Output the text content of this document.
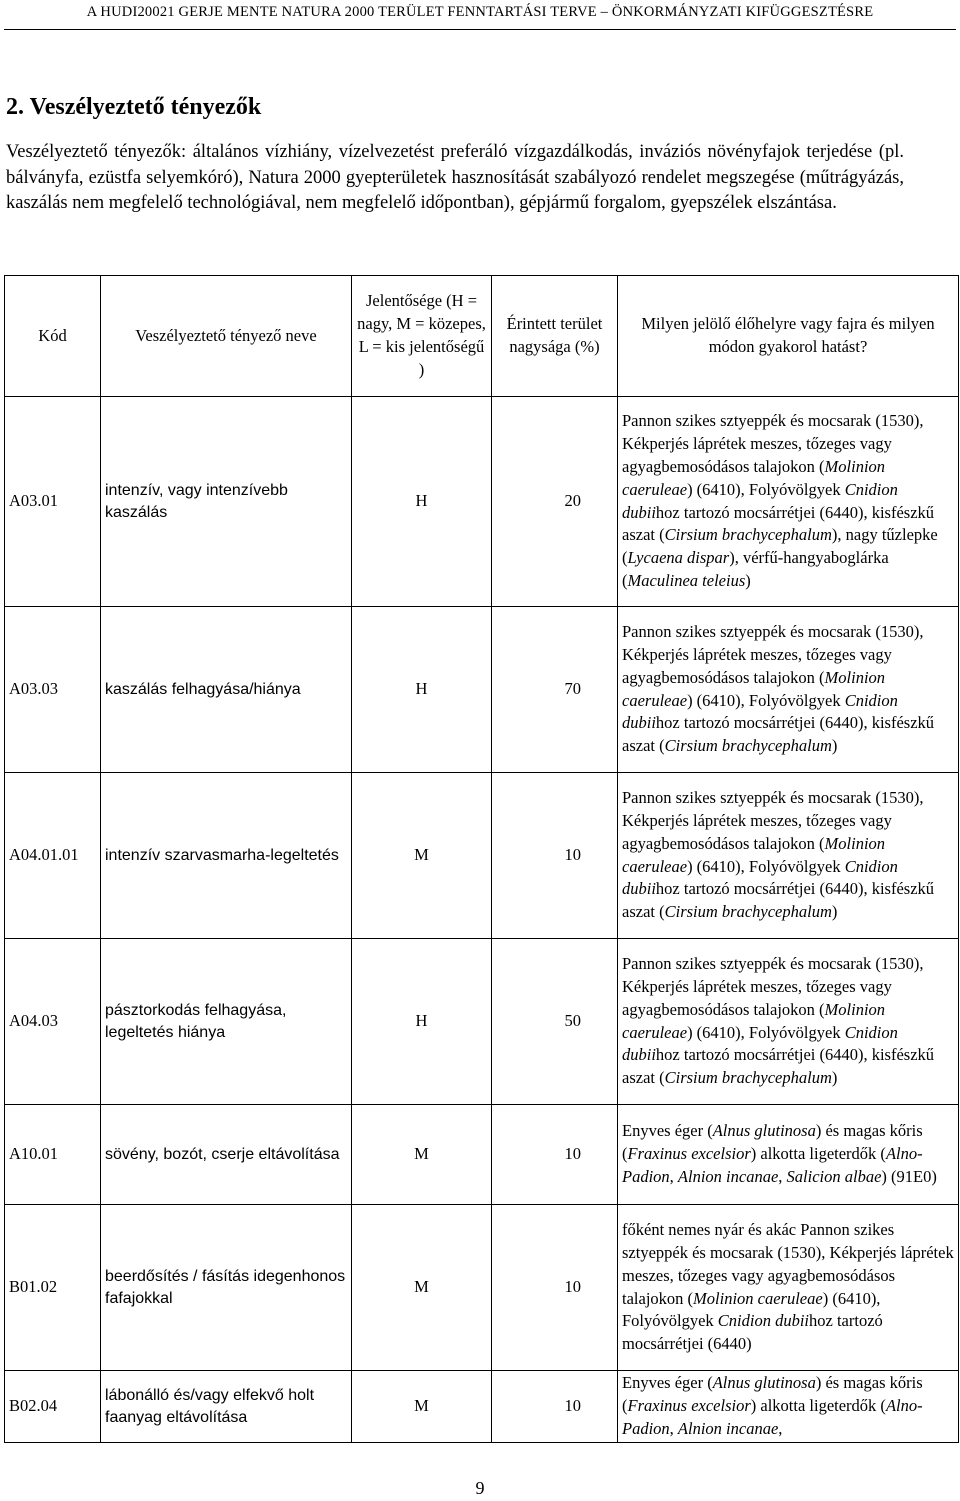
A HUDI20021 GERJE MENTE NATURA 2000 TERÜLET FENNTARTÁSI TERVE – ÖNKORMÁNYZATI KIFÜGGESZTÉSRE
2. Veszélyeztető tényezők

Veszélyeztető tényezők: általános vízhiány, vízelvezetést preferáló vízgazdálkodás, inváziós növényfajok terjedése (pl. bálványfa, ezüstfa selyemkóró), Natura 2000 gyepterületek hasznosítását szabályozó rendelet megszegése (műtrágyázás, kaszálás nem megfelelő technológiával, nem megfelelő időpontban), gépjármű forgalom, gyepszélek elszántása.

Kód	Veszélyeztető tényező neve	Jelentősége (H = nagy, M = közepes, L = kis jelentőségű )	Érintett terület nagysága (%)	Milyen jelölő élőhelyre vagy fajra és milyen módon gyakorol hatást?
A03.01	intenzív, vagy intenzívebb kaszálás	H	20	Pannon szikes sztyeppék és mocsarak (1530), Kékperjés láprétek meszes, tőzeges vagy agyagbemosódásos talajokon (Molinion caeruleae) (6410), Folyóvölgyek Cnidion dubiihoz tartozó mocsárrétjei (6440), kisfészkű aszat (Cirsium brachycephalum), nagy tűzlepke (Lycaena dispar), vérfű-hangyaboglárka (Maculinea teleius)
A03.03	kaszálás felhagyása/hiánya	H	70	Pannon szikes sztyeppék és mocsarak (1530), Kékperjés láprétek meszes, tőzeges vagy agyagbemosódásos talajokon (Molinion caeruleae) (6410), Folyóvölgyek Cnidion dubiihoz tartozó mocsárrétjei (6440), kisfészkű aszat (Cirsium brachycephalum)
A04.01.01	intenzív szarvasmarha-legeltetés	M	10	Pannon szikes sztyeppék és mocsarak (1530), Kékperjés láprétek meszes, tőzeges vagy agyagbemosódásos talajokon (Molinion caeruleae) (6410), Folyóvölgyek Cnidion dubiihoz tartozó mocsárrétjei (6440), kisfészkű aszat (Cirsium brachycephalum)
A04.03	pásztorkodás felhagyása, legeltetés hiánya	H	50	Pannon szikes sztyeppék és mocsarak (1530), Kékperjés láprétek meszes, tőzeges vagy agyagbemosódásos talajokon (Molinion caeruleae) (6410), Folyóvölgyek Cnidion dubiihoz tartozó mocsárrétjei (6440), kisfészkű aszat (Cirsium brachycephalum)
A10.01	sövény, bozót, cserje eltávolítása	M	10	Enyves éger (Alnus glutinosa) és magas kőris (Fraxinus excelsior) alkotta ligeterdők (Alno-Padion, Alnion incanae, Salicion albae) (91E0)
B01.02	beerdősítés / fásítás idegenhonos fafajokkal	M	10	főként nemes nyár és akác Pannon szikes sztyeppék és mocsarak (1530), Kékperjés láprétek meszes, tőzeges vagy agyagbemosódásos talajokon (Molinion caeruleae) (6410), Folyóvölgyek Cnidion dubiihoz tartozó mocsárrétjei (6440)
B02.04	lábonálló és/vagy elfekvő holt faanyag eltávolítása	M	10	Enyves éger (Alnus glutinosa) és magas kőris (Fraxinus excelsior) alkotta ligeterdők (Alno-Padion, Alnion incanae,
9
